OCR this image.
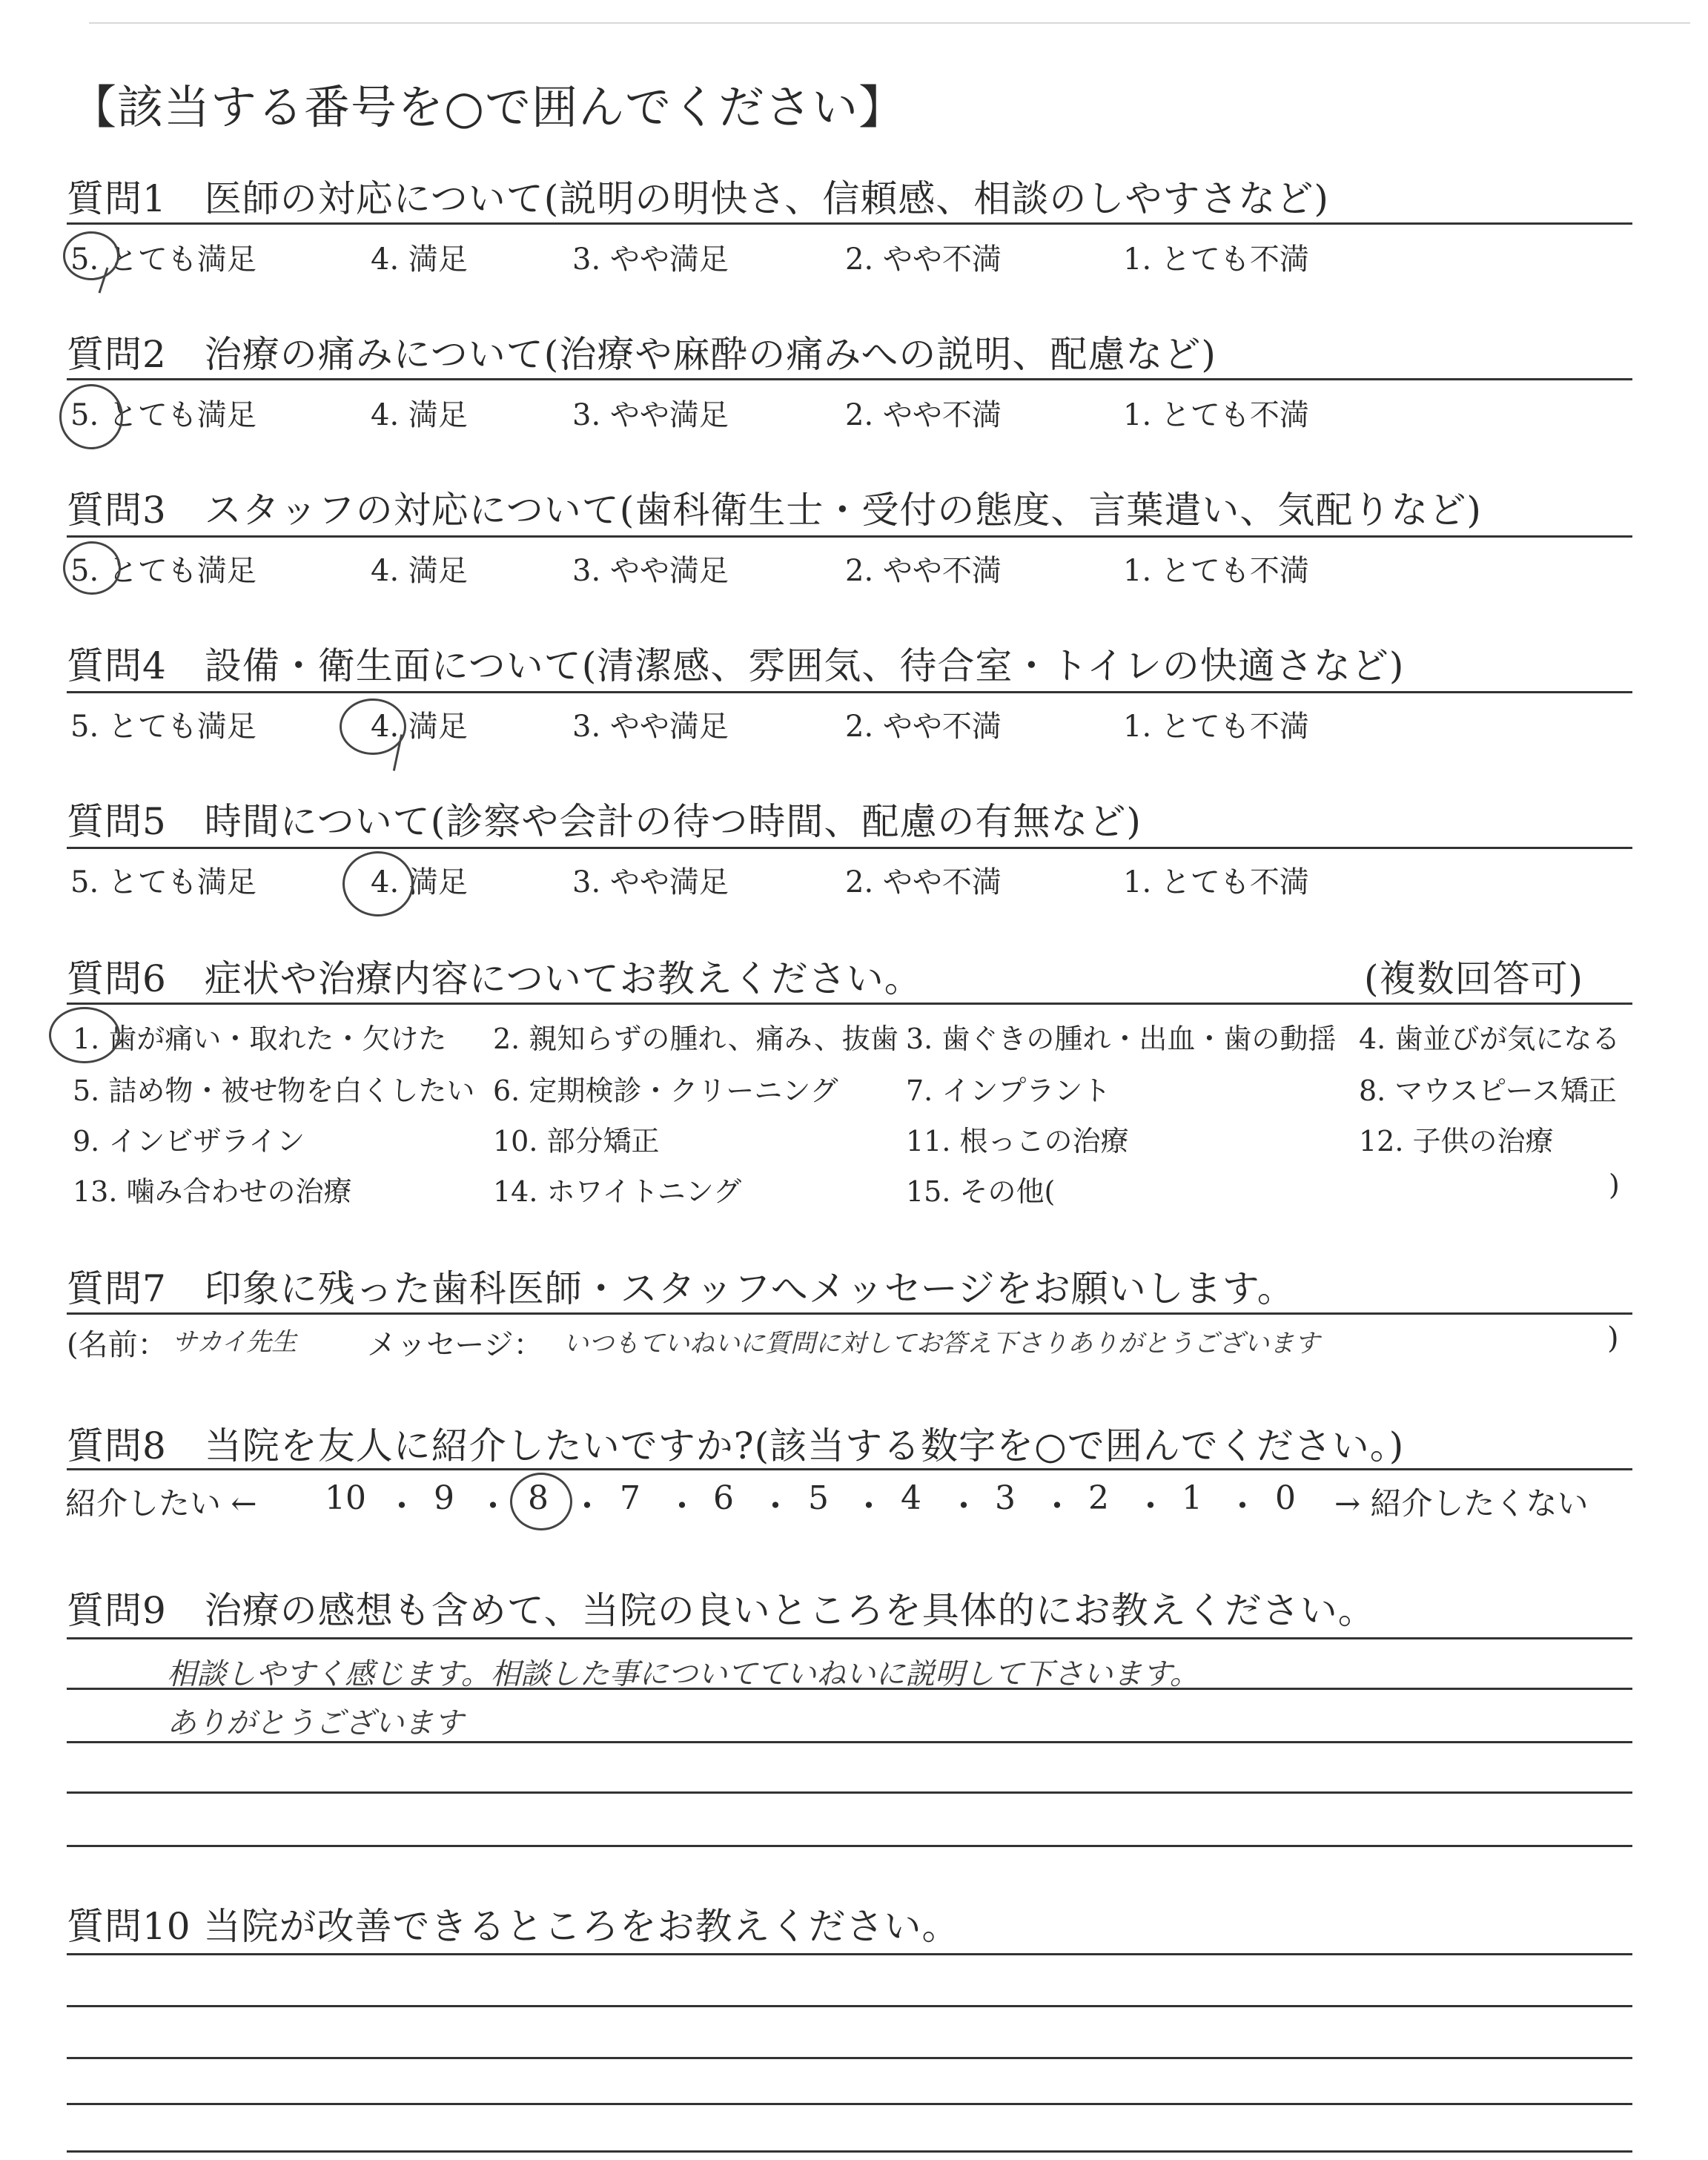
【該当する番号を○で囲んでください】
質問1　医師の対応について(説明の明快さ、信頼感、相談のしやすさなど)
5. とても満足	4. 満足	3. やや満足	2. やや不満	1. とても不満
質問2　治療の痛みについて(治療や麻酔の痛みへの説明、配慮など)
5. とても満足	4. 満足	3. やや満足	2. やや不満	1. とても不満
質問3　スタッフの対応について(歯科衛生士・受付の態度、言葉遣い、気配りなど)
5. とても満足	4. 満足	3. やや満足	2. やや不満	1. とても不満
質問4　設備・衛生面について(清潔感、雰囲気、待合室・トイレの快適さなど)
5. とても満足	4. 満足	3. やや満足	2. やや不満	1. とても不満
質問5　時間について(診察や会計の待つ時間、配慮の有無など)
5. とても満足	4. 満足	3. やや満足	2. やや不満	1. とても不満
質問6　症状や治療内容についてお教えください。	(複数回答可)
1. 歯が痛い・取れた・欠けた 2. 親知らずの腫れ、痛み、抜歯 3. 歯ぐきの腫れ・出血・歯の動揺 4. 歯並びが気になる
5. 詰め物・被せ物を白くしたい 6. 定期検診・クリーニング 7. インプラント	8. マウスピース矯正
9. インビザライン	10. 部分矯正	11. 根っこの治療	12. 子供の治療
13. 噛み合わせの治療	14. ホワイトニング	15. その他(	)
質問7　印象に残った歯科医師・スタッフへメッセージをお願いします。
(名前： サカイ先生 メッセージ： いつもていねいに質問に対してお答え下さりありがとうございます	)
質問8　当院を友人に紹介したいですか?(該当する数字を○で囲んでください。)
紹介したい ← 10 ・ 9 ・ 8 ・ 7 ・ 6 ・ 5 ・ 4 ・ 3 ・ 2 ・ 1 ・ 0 → 紹介したくない
質問9　治療の感想も含めて、当院の良いところを具体的にお教えください。
相談しやすく感じます。相談した事についてていねいに説明して下さいます。
ありがとうございます
質問10 当院が改善できるところをお教えください。
